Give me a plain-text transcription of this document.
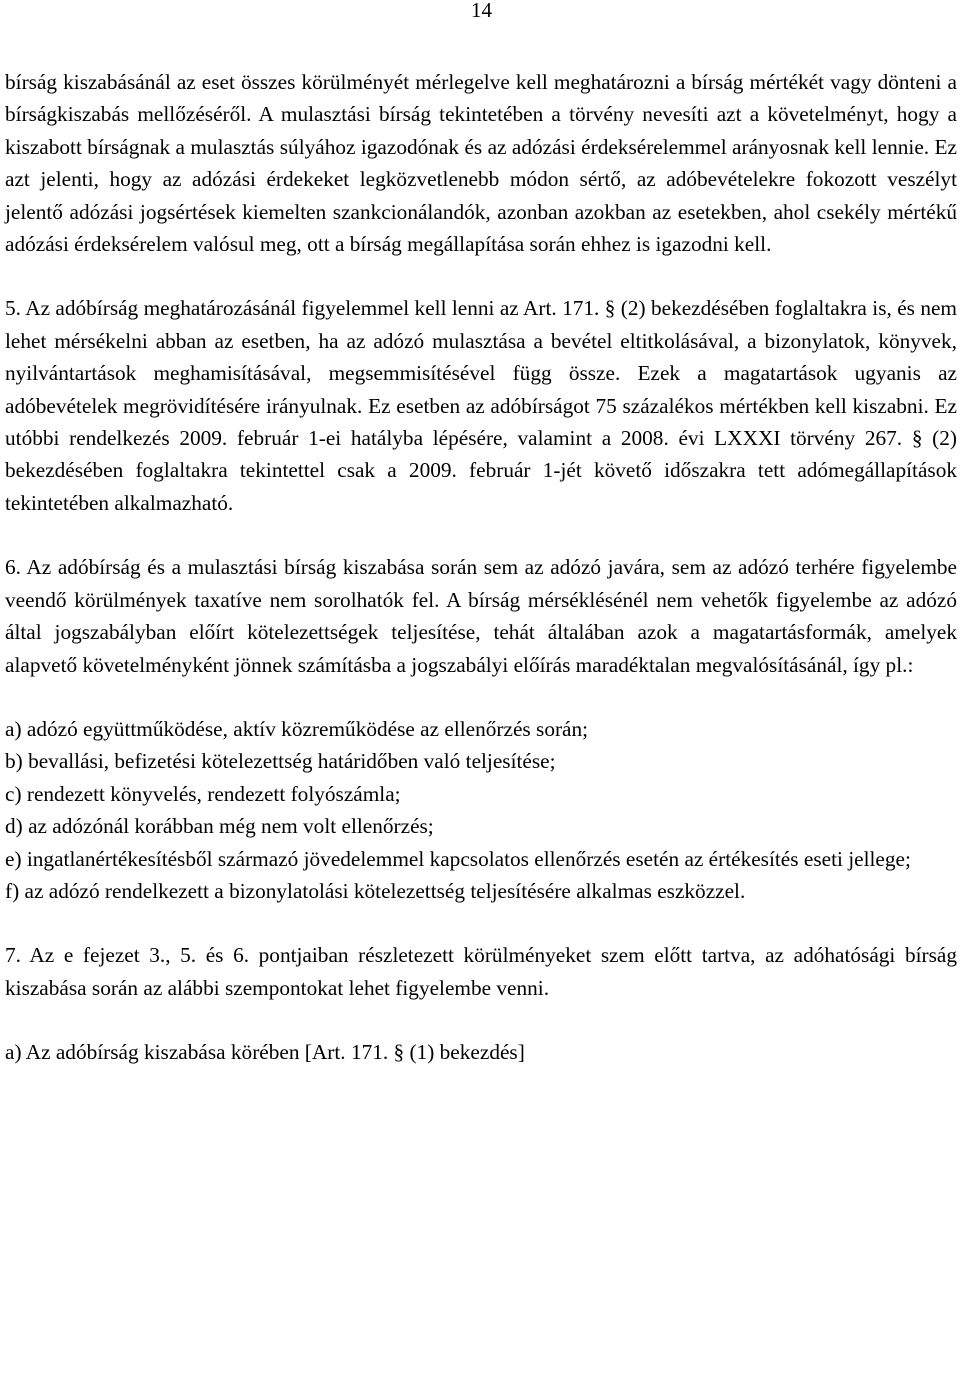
14

bírság kiszabásánál az eset összes körülményét mérlegelve kell meghatározni a bírság mértékét vagy dönteni a bírságkiszabás mellőzéséről. A mulasztási bírság tekintetében a törvény nevesíti azt a követelményt, hogy a kiszabott bírságnak a mulasztás súlyához igazodónak és az adózási érdeksérelemmel arányosnak kell lennie. Ez azt jelenti, hogy az adózási érdekeket legközvetlenebb módon sértő, az adóbevételekre fokozott veszélyt jelentő adózási jogsértések kiemelten szankcionálandók, azonban azokban az esetekben, ahol csekély mértékű adózási érdeksérelem valósul meg, ott a bírság megállapítása során ehhez is igazodni kell.

5. Az adóbírság meghatározásánál figyelemmel kell lenni az Art. 171. § (2) bekezdésében foglaltakra is, és nem lehet mérsékelni abban az esetben, ha az adózó mulasztása a bevétel eltitkolásával, a bizonylatok, könyvek, nyilvántartások meghamisításával, megsemmisítésével függ össze. Ezek a magatartások ugyanis az adóbevételek megrövidítésére irányulnak. Ez esetben az adóbírságot 75 százalékos mértékben kell kiszabni. Ez utóbbi rendelkezés 2009. február 1-ei hatályba lépésére, valamint a 2008. évi LXXXI törvény 267. § (2) bekezdésében foglaltakra tekintettel csak a 2009. február 1-jét követő időszakra tett adómegállapítások tekintetében alkalmazható.

6. Az adóbírság és a mulasztási bírság kiszabása során sem az adózó javára, sem az adózó terhére figyelembe veendő körülmények taxatíve nem sorolhatók fel. A bírság mérséklésénél nem vehetők figyelembe az adózó által jogszabályban előírt kötelezettségek teljesítése, tehát általában azok a magatartásformák, amelyek alapvető követelményként jönnek számításba a jogszabályi előírás maradéktalan megvalósításánál, így pl.:

a) adózó együttműködése, aktív közreműködése az ellenőrzés során;

b) bevallási, befizetési kötelezettség határidőben való teljesítése;

c) rendezett könyvelés, rendezett folyószámla;

d) az adózónál korábban még nem volt ellenőrzés;

e) ingatlanértékesítésből származó jövedelemmel kapcsolatos ellenőrzés esetén az értékesítés eseti jellege;

f) az adózó rendelkezett a bizonylatolási kötelezettség teljesítésére alkalmas eszközzel.

7. Az e fejezet 3., 5. és 6. pontjaiban részletezett körülményeket szem előtt tartva, az adóhatósági bírság kiszabása során az alábbi szempontokat lehet figyelembe venni.

a) Az adóbírság kiszabása körében [Art. 171. § (1) bekezdés]
